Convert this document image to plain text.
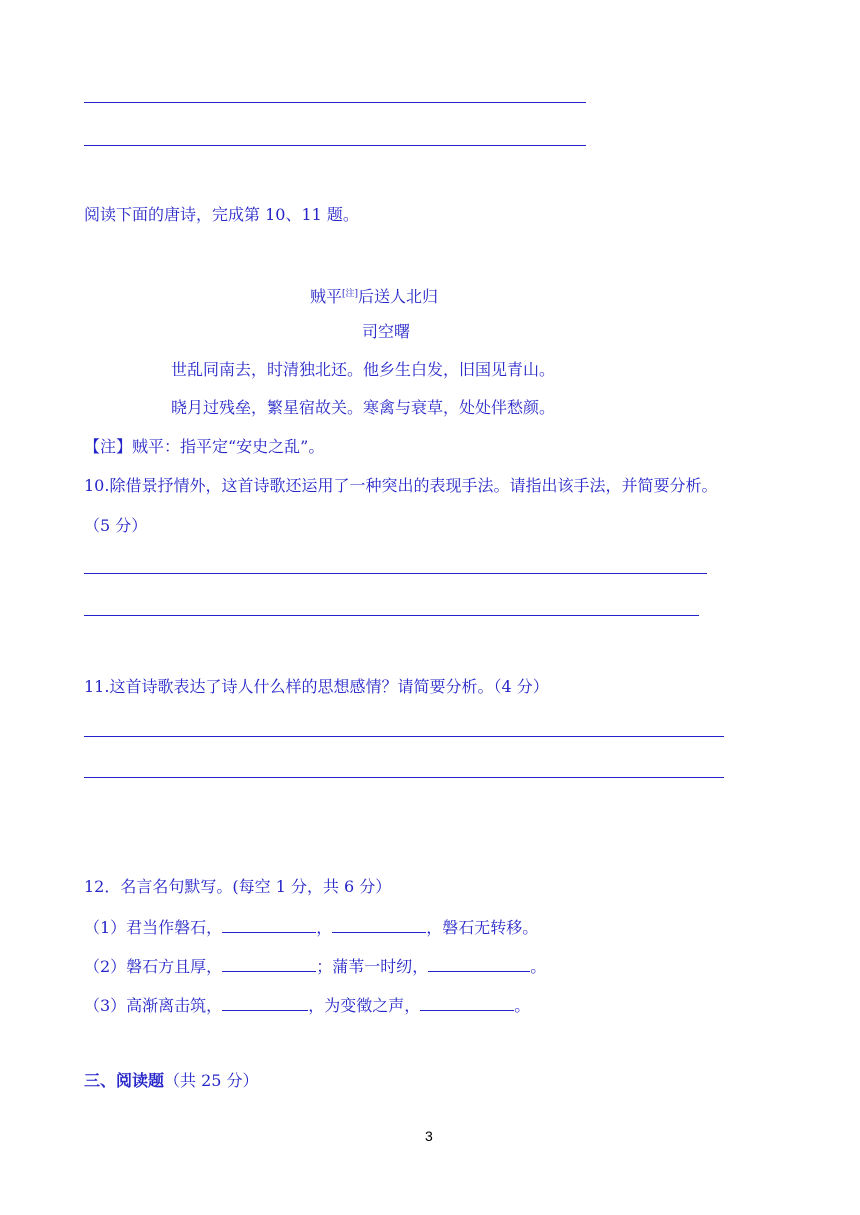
阅读下面的唐诗，完成第 10、11 题。
贼平[注]后送人北归
司空曙
世乱同南去，时清独北还。他乡生白发，旧国见青山。
晓月过残垒，繁星宿故关。寒禽与衰草，处处伴愁颜。
【注】贼平：指平定“安史之乱”。
10.除借景抒情外，这首诗歌还运用了一种突出的表现手法。请指出该手法，并简要分析。
（5 分）
11.这首诗歌表达了诗人什么样的思想感情？请简要分析。（4 分）
12．名言名句默写。(每空 1 分，共 6 分）
（1）君当作磐石，	，	，磐石无转移。
（2）磐石方且厚，	；蒲苇一时纫，	。
（3）高渐离击筑，	，为变徵之声，	。
三、阅读题（共 25 分）
3
